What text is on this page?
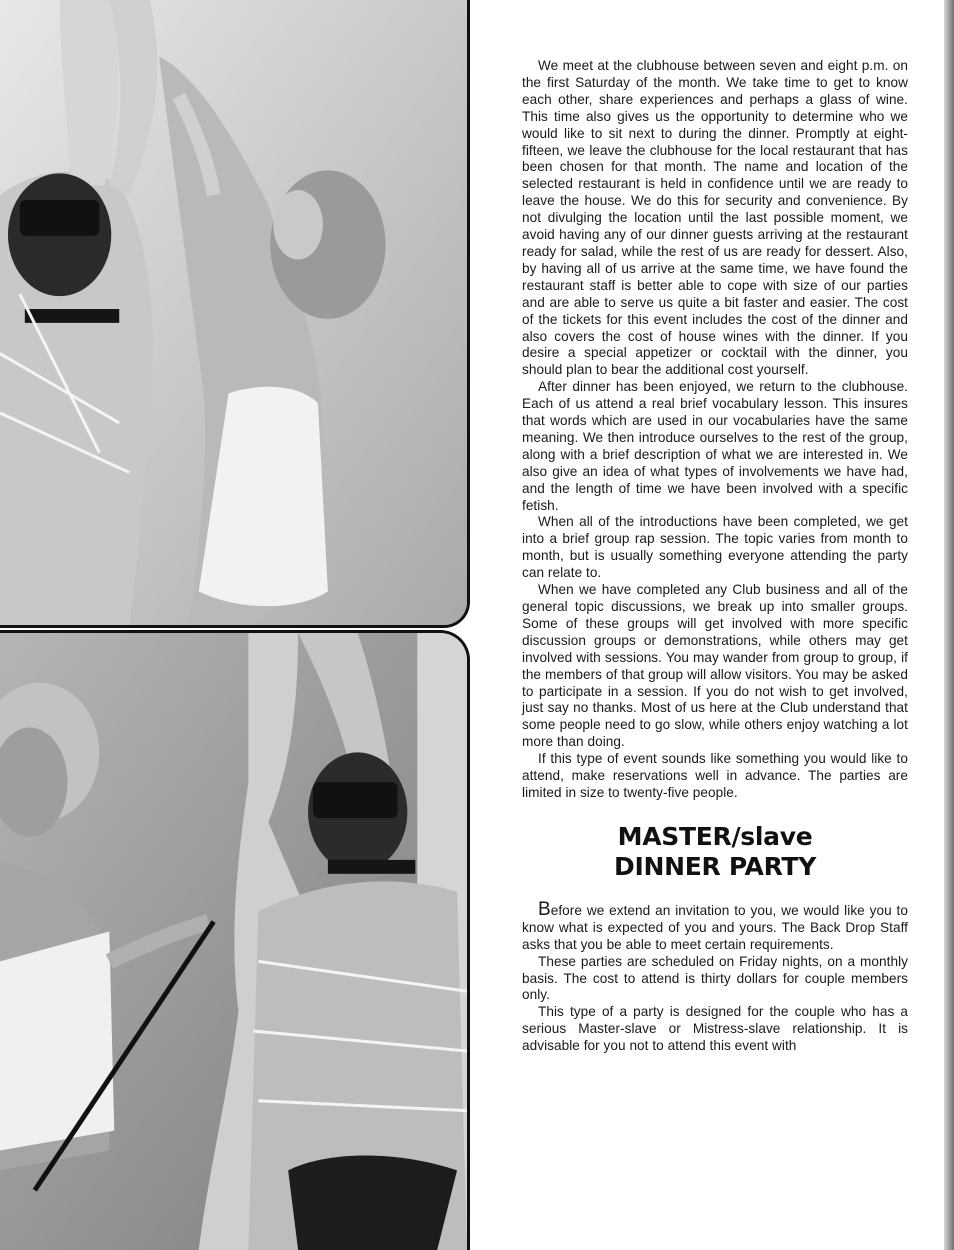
We meet at the clubhouse between seven and eight p.m. on the first Saturday of the month. We take time to get to know each other, share experiences and perhaps a glass of wine. This time also gives us the opportunity to determine who we would like to sit next to during the dinner. Promptly at eight-fifteen, we leave the clubhouse for the local restaurant that has been chosen for that month. The name and location of the selected restaurant is held in confidence until we are ready to leave the house. We do this for security and convenience. By not divulging the location until the last possible moment, we avoid having any of our dinner guests arriving at the restaurant ready for salad, while the rest of us are ready for dessert. Also, by having all of us arrive at the same time, we have found the restaurant staff is better able to cope with size of our parties and are able to serve us quite a bit faster and easier. The cost of the tickets for this event includes the cost of the dinner and also covers the cost of house wines with the dinner. If you desire a special appetizer or cocktail with the dinner, you should plan to bear the additional cost yourself.

After dinner has been enjoyed, we return to the clubhouse. Each of us attend a real brief vocabulary lesson. This insures that words which are used in our vocabularies have the same meaning. We then introduce ourselves to the rest of the group, along with a brief description of what we are interested in. We also give an idea of what types of involvements we have had, and the length of time we have been involved with a specific fetish.

When all of the introductions have been completed, we get into a brief group rap session. The topic varies from month to month, but is usually something everyone attending the party can relate to.

When we have completed any Club business and all of the general topic discussions, we break up into smaller groups. Some of these groups will get involved with more specific discussion groups or demonstrations, while others may get involved with sessions. You may wander from group to group, if the members of that group will allow visitors. You may be asked to participate in a session. If you do not wish to get involved, just say no thanks. Most of us here at the Club understand that some people need to go slow, while others enjoy watching a lot more than doing.

If this type of event sounds like something you would like to attend, make reservations well in advance. The parties are limited in size to twenty-five people.

MASTER/slave
DINNER PARTY

Before we extend an invitation to you, we would like you to know what is expected of you and yours. The Back Drop Staff asks that you be able to meet certain requirements.

These parties are scheduled on Friday nights, on a monthly basis. The cost to attend is thirty dollars for couple members only.

This type of a party is designed for the couple who has a serious Master-slave or Mistress-slave relationship. It is advisable for you not to attend this event with
